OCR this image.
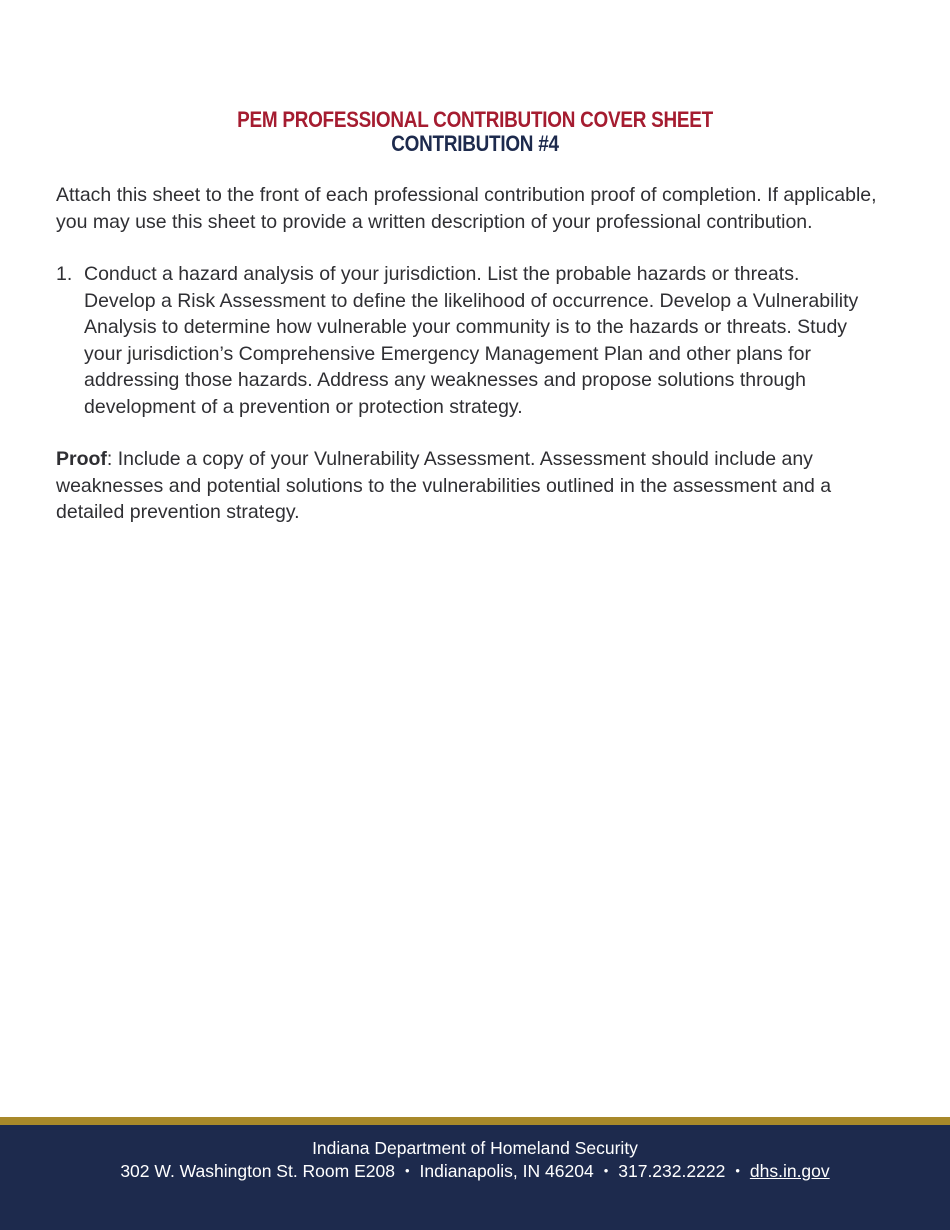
PEM PROFESSIONAL CONTRIBUTION COVER SHEET
CONTRIBUTION #4

Attach this sheet to the front of each professional contribution proof of completion. If applicable, you may use this sheet to provide a written description of your professional contribution.

1. Conduct a hazard analysis of your jurisdiction. List the probable hazards or threats. Develop a Risk Assessment to define the likelihood of occurrence. Develop a Vulnerability Analysis to determine how vulnerable your community is to the hazards or threats. Study your jurisdiction’s Comprehensive Emergency Management Plan and other plans for addressing those hazards. Address any weaknesses and propose solutions through development of a prevention or protection strategy.

Proof: Include a copy of your Vulnerability Assessment. Assessment should include any weaknesses and potential solutions to the vulnerabilities outlined in the assessment and a detailed prevention strategy.

Indiana Department of Homeland Security
302 W. Washington St. Room E208 • Indianapolis, IN 46204 • 317.232.2222 • dhs.in.gov
